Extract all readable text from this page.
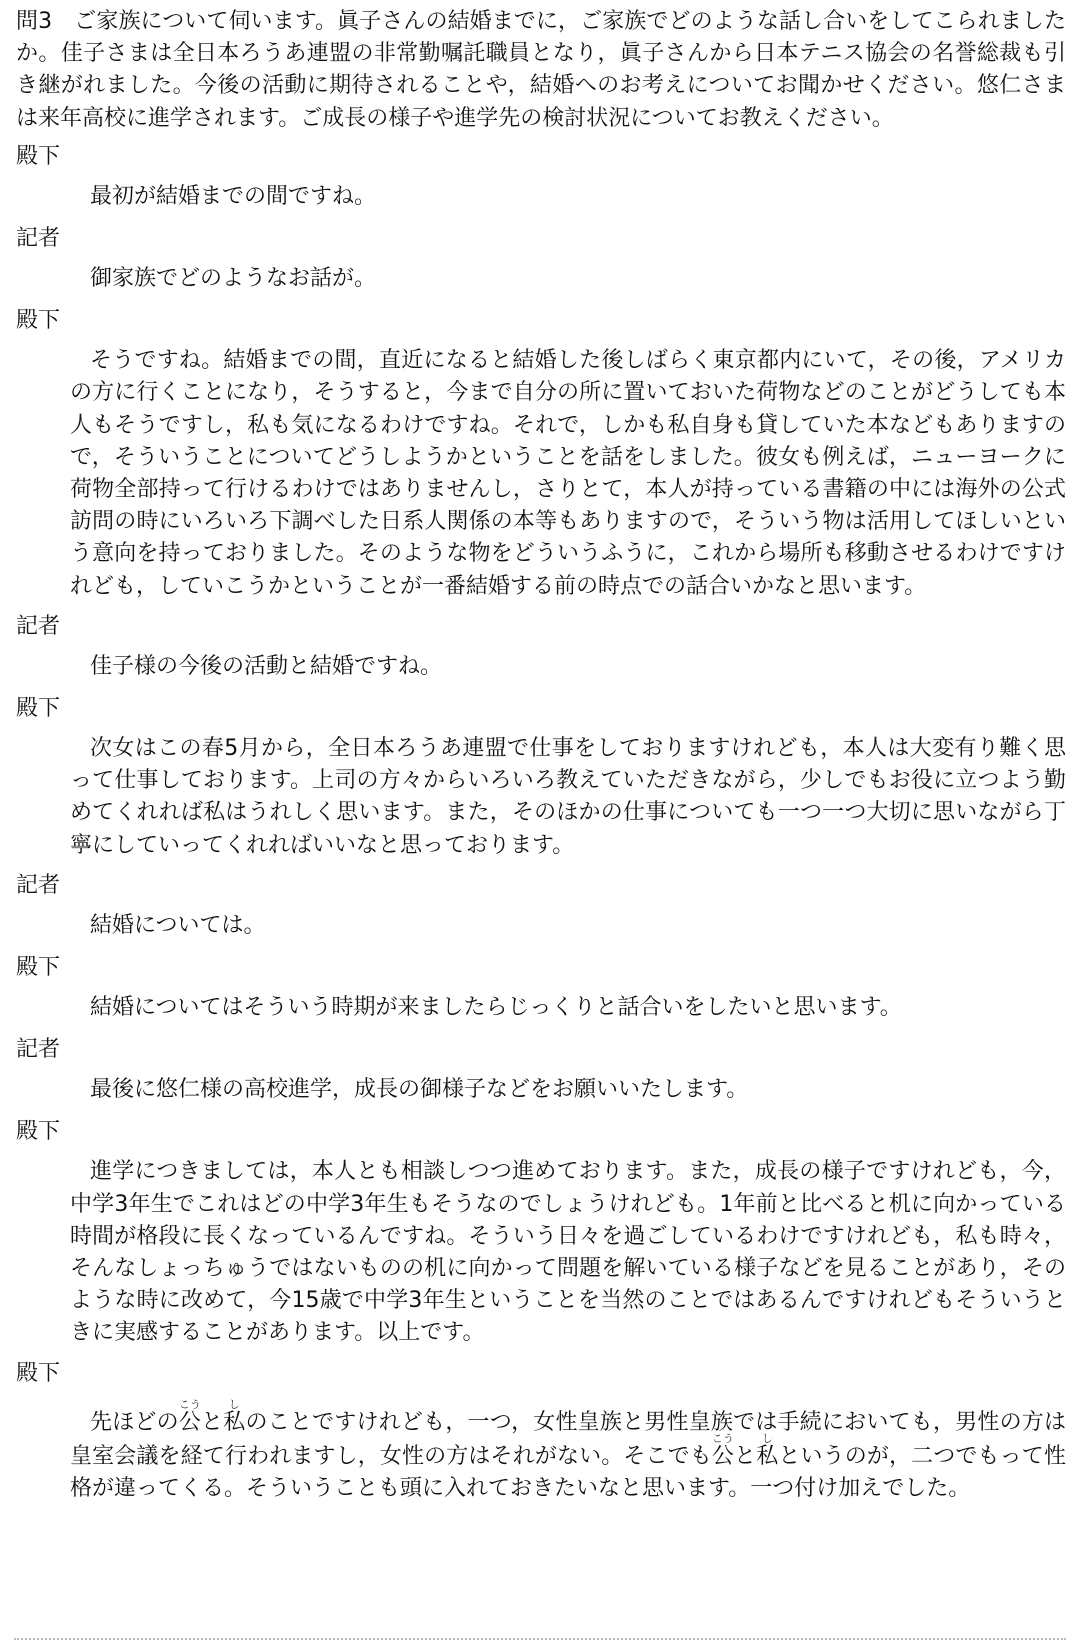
問3　 ご家族について伺います。眞子さんの結婚までに，ご家族でどのような話し合いをしてこられましたか。佳子さまは全日本ろうあ連盟の非常勤嘱託職員となり，眞子さんから日本テニス協会の名誉総裁も引き継がれました。今後の活動に期待されることや，結婚へのお考えについてお聞かせください。悠仁さまは来年高校に進学されます。ご成長の様子や進学先の検討状況についてお教えください。

殿下

最初が結婚までの間ですね。

記者

御家族でどのようなお話が。

殿下

そうですね。結婚までの間，直近になると結婚した後しばらく東京都内にいて，その後，アメリカの方に行くことになり，そうすると，今まで自分の所に置いておいた荷物などのことがどうしても本人もそうですし，私も気になるわけですね。それで，しかも私自身も貸していた本などもありますので，そういうことについてどうしようかということを話をしました。彼女も例えば，ニューヨークに荷物全部持って行けるわけではありませんし，さりとて，本人が持っている書籍の中には海外の公式訪問の時にいろいろ下調べした日系人関係の本等もありますので，そういう物は活用してほしいという意向を持っておりました。そのような物をどういうふうに，これから場所も移動させるわけですけれども，していこうかということが一番結婚する前の時点での話合いかなと思います。

記者

佳子様の今後の活動と結婚ですね。

殿下

次女はこの春5月から，全日本ろうあ連盟で仕事をしておりますけれども，本人は大変有り難く思って仕事しております。上司の方々からいろいろ教えていただきながら，少しでもお役に立つよう勤めてくれれば私はうれしく思います。また，そのほかの仕事についても一つ一つ大切に思いながら丁寧にしていってくれればいいなと思っております。

記者

結婚については。

殿下

結婚についてはそういう時期が来ましたらじっくりと話合いをしたいと思います。

記者

最後に悠仁様の高校進学，成長の御様子などをお願いいたします。

殿下

進学につきましては，本人とも相談しつつ進めております。また，成長の様子ですけれども，今，中学3年生でこれはどの中学3年生もそうなのでしょうけれども。1年前と比べると机に向かっている時間が格段に長くなっているんですね。そういう日々を過ごしているわけですけれども，私も時々，そんなしょっちゅうではないものの机に向かって問題を解いている様子などを見ることがあり，そのような時に改めて，今15歳で中学3年生ということを当然のことではあるんですけれどもそういうときに実感することがあります。以上です。

殿下

先ほどの公こうと私しのことですけれども，一つ，女性皇族と男性皇族では手続においても，男性の方は皇室会議を経て行われますし，女性の方はそれがない。そこでも公こうと私しというのが，二つでもって性格が違ってくる。そういうことも頭に入れておきたいなと思います。一つ付け加えでした。
